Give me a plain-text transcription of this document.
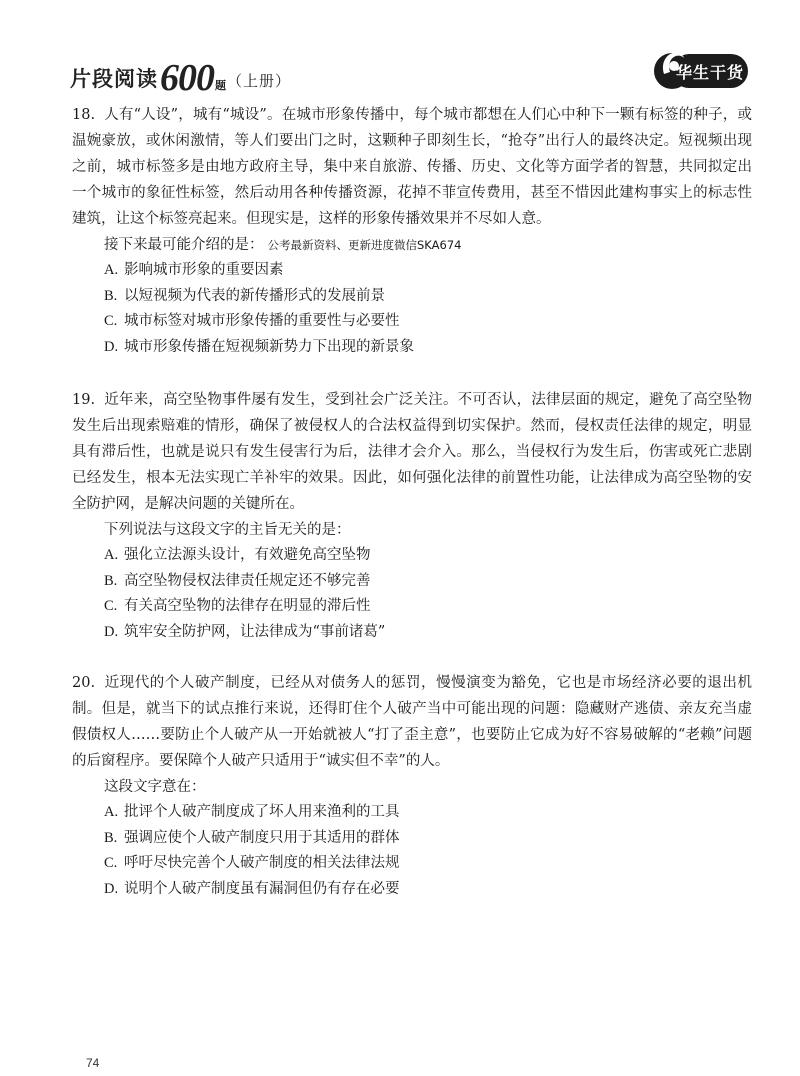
片段阅读600题（上册）	华生干货
18. 人有“人设”，城有“城设”。在城市形象传播中，每个城市都想在人们心中种下一颗有标签的种子，或温婉豪放，或休闲激情，等人们要出门之时，这颗种子即刻生长，“抢夺”出行人的最终决定。短视频出现之前，城市标签多是由地方政府主导，集中来自旅游、传播、历史、文化等方面学者的智慧，共同拟定出一个城市的象征性标签，然后动用各种传播资源，花掉不菲宣传费用，甚至不惜因此建构事实上的标志性建筑，让这个标签亮起来。但现实是，这样的形象传播效果并不尽如人意。
接下来最可能介绍的是： 公考最新资料、更新进度微信SKA674
A. 影响城市形象的重要因素
B. 以短视频为代表的新传播形式的发展前景
C. 城市标签对城市形象传播的重要性与必要性
D. 城市形象传播在短视频新势力下出现的新景象
19. 近年来，高空坠物事件屡有发生，受到社会广泛关注。不可否认，法律层面的规定，避免了高空坠物发生后出现索赔难的情形，确保了被侵权人的合法权益得到切实保护。然而，侵权责任法律的规定，明显具有滞后性，也就是说只有发生侵害行为后，法律才会介入。那么，当侵权行为发生后，伤害或死亡悲剧已经发生，根本无法实现亡羊补牢的效果。因此，如何强化法律的前置性功能，让法律成为高空坠物的安全防护网，是解决问题的关键所在。
下列说法与这段文字的主旨无关的是：
A. 强化立法源头设计，有效避免高空坠物
B. 高空坠物侵权法律责任规定还不够完善
C. 有关高空坠物的法律存在明显的滞后性
D. 筑牢安全防护网，让法律成为“事前诸葛”
20. 近现代的个人破产制度，已经从对债务人的惩罚，慢慢演变为豁免，它也是市场经济必要的退出机制。但是，就当下的试点推行来说，还得盯住个人破产当中可能出现的问题：隐藏财产逃债、亲友充当虚假债权人……要防止个人破产从一开始就被人“打了歪主意”，也要防止它成为好不容易破解的“老赖”问题的后窗程序。要保障个人破产只适用于“诚实但不幸”的人。
这段文字意在：
A. 批评个人破产制度成了坏人用来渔利的工具
B. 强调应使个人破产制度只用于其适用的群体
C. 呼吁尽快完善个人破产制度的相关法律法规
D. 说明个人破产制度虽有漏洞但仍有存在必要
74
